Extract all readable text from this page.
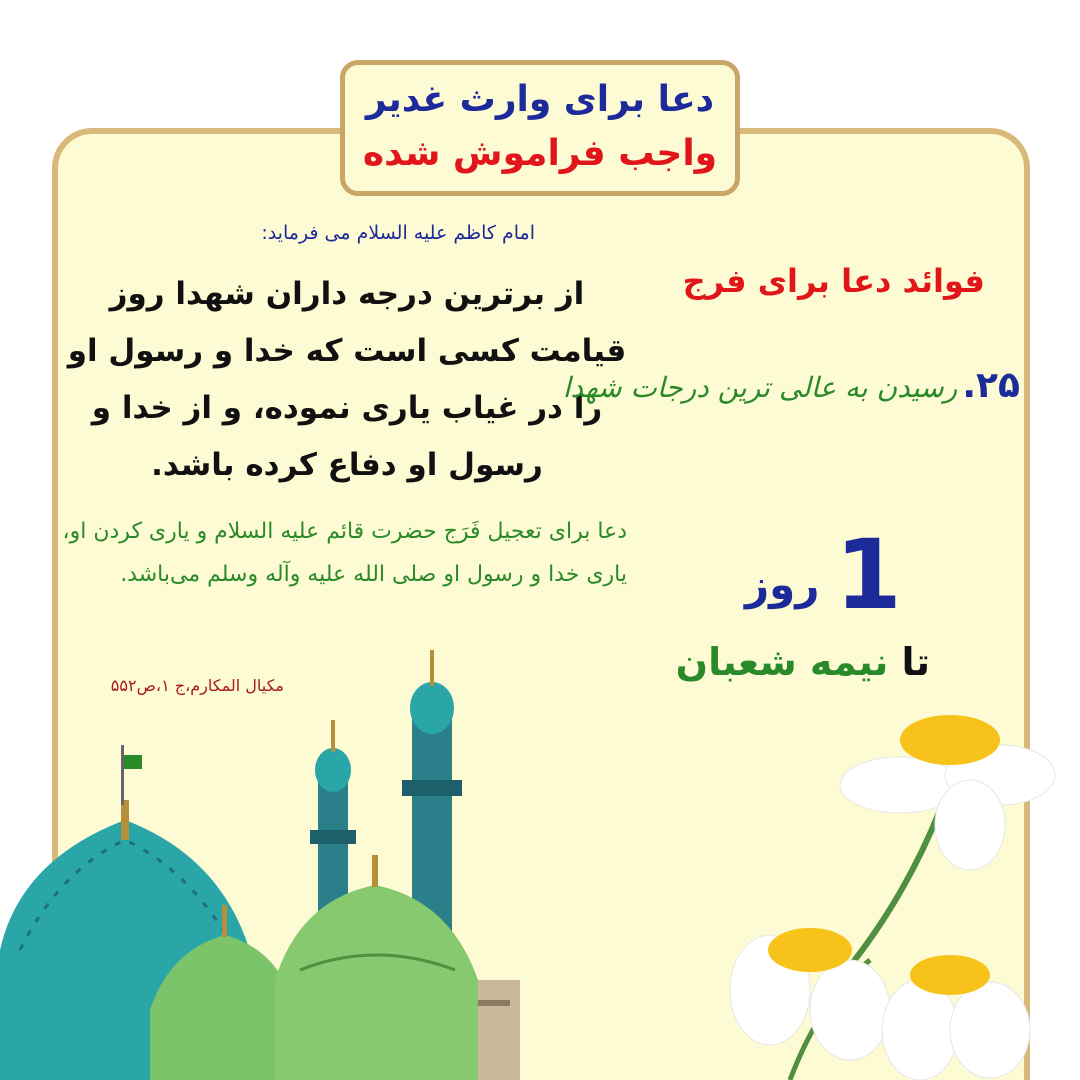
دعا برای وارث غدیر
واجب فراموش شده
امام کاظم علیه السلام می فرماید:
از برترین درجه داران شهدا روز قیامت کسی است که خدا و رسول او را در غیاب یاری نموده، و از خدا و رسول او دفاع کرده باشد.
دعا برای تعجیل فَرَج حضرت قائم علیه السلام و یاری کردن او، یاری خدا و رسول او صلی الله علیه وآله وسلم می‌باشد.
مکیال المکارم،ج ۱،ص۵۵۲
فوائد دعا برای فرج
۲۵. رسیدن به عالی ترین درجات شهدا
1
روز
تا نیمه شعبان
